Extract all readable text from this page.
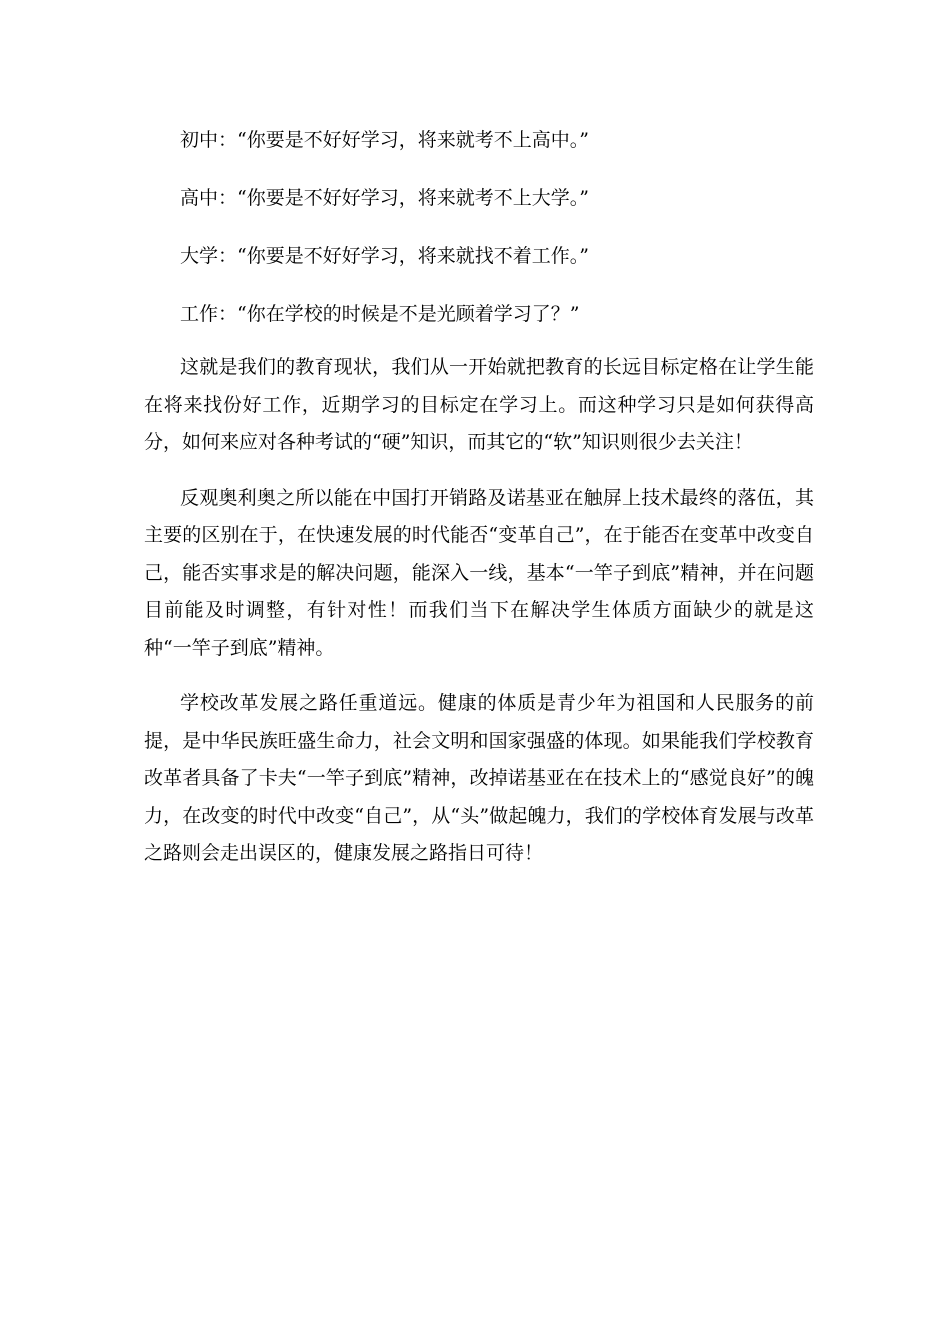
初中：“你要是不好好学习，将来就考不上高中。”

高中：“你要是不好好学习，将来就考不上大学。”

大学：“你要是不好好学习，将来就找不着工作。”

工作：“你在学校的时候是不是光顾着学习了？”

这就是我们的教育现状，我们从一开始就把教育的长远目标定格在让学生能在将来找份好工作，近期学习的目标定在学习上。而这种学习只是如何获得高分，如何来应对各种考试的“硬”知识，而其它的“软”知识则很少去关注！

反观奥利奥之所以能在中国打开销路及诺基亚在触屏上技术最终的落伍，其主要的区别在于，在快速发展的时代能否“变革自己”，在于能否在变革中改变自己，能否实事求是的解决问题，能深入一线，基本“一竿子到底”精神，并在问题目前能及时调整，有针对性！而我们当下在解决学生体质方面缺少的就是这种“一竿子到底”精神。

学校改革发展之路任重道远。健康的体质是青少年为祖国和人民服务的前提，是中华民族旺盛生命力，社会文明和国家强盛的体现。如果能我们学校教育改革者具备了卡夫“一竿子到底”精神，改掉诺基亚在在技术上的“感觉良好”的魄力，在改变的时代中改变“自己”，从“头”做起魄力，我们的学校体育发展与改革之路则会走出误区的，健康发展之路指日可待！
